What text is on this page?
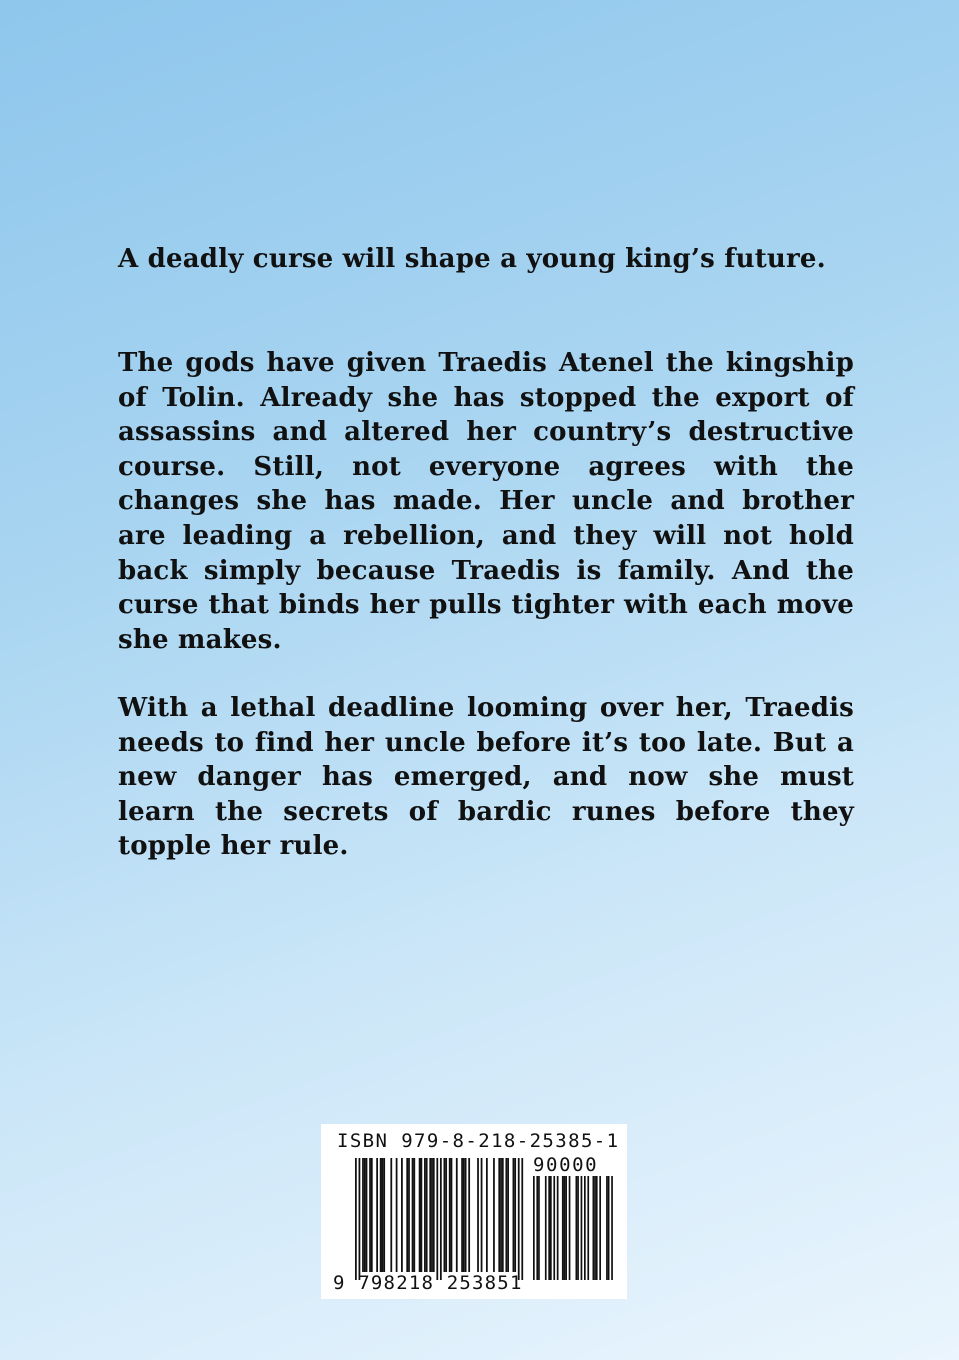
A deadly curse will shape a young king’s future.

The gods have given Traedis Atenel the kingship of Tolin. Already she has stopped the export of assassins and altered her country’s destructive course. Still, not everyone agrees with the changes she has made. Her uncle and brother are leading a rebellion, and they will not hold back simply because Traedis is family. And the curse that binds her pulls tighter with each move she makes.

With a lethal deadline looming over her, Traedis needs to find her uncle before it’s too late. But a new danger has emerged, and now she must learn the secrets of bardic runes before they topple her rule.

ISBN 979-8-218-25385-1
90000
9 798218 253851
